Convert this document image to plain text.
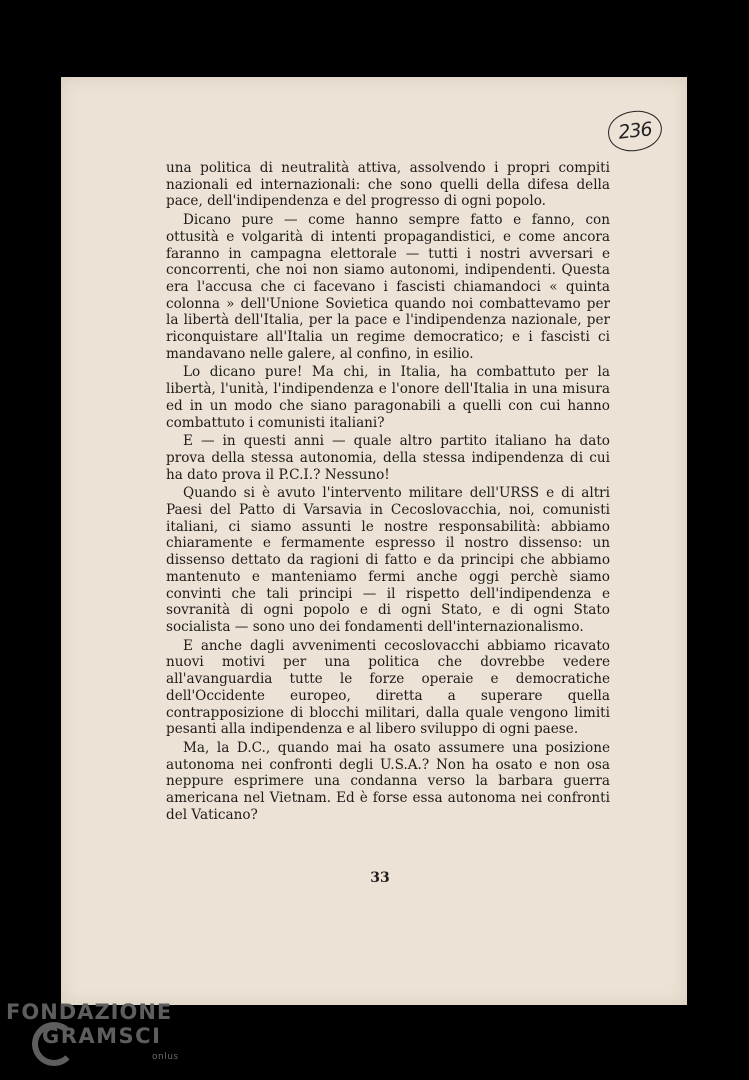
236

una politica di neutralità attiva, assolvendo i propri compiti nazionali ed internazionali: che sono quelli della difesa della pace, dell'indipendenza e del progresso di ogni popolo.

Dicano pure — come hanno sempre fatto e fanno, con ottusità e volgarità di intenti propagandistici, e come ancora faranno in campagna elettorale — tutti i nostri avversari e concorrenti, che noi non siamo autonomi, indipendenti. Questa era l'accusa che ci facevano i fascisti chiamandoci « quinta colonna » dell'Unione Sovietica quando noi combattevamo per la libertà dell'Italia, per la pace e l'indipendenza nazionale, per riconquistare all'Italia un regime democratico; e i fascisti ci mandavano nelle galere, al confino, in esilio.

Lo dicano pure! Ma chi, in Italia, ha combattuto per la libertà, l'unità, l'indipendenza e l'onore dell'Italia in una misura ed in un modo che siano paragonabili a quelli con cui hanno combattuto i comunisti italiani?

E — in questi anni — quale altro partito italiano ha dato prova della stessa autonomia, della stessa indipendenza di cui ha dato prova il P.C.I.? Nessuno!

Quando si è avuto l'intervento militare dell'URSS e di altri Paesi del Patto di Varsavia in Cecoslovacchia, noi, comunisti italiani, ci siamo assunti le nostre responsabilità: abbiamo chiaramente e fermamente espresso il nostro dissenso: un dissenso dettato da ragioni di fatto e da principi che abbiamo mantenuto e manteniamo fermi anche oggi perchè siamo convinti che tali principi — il rispetto dell'indipendenza e sovranità di ogni popolo e di ogni Stato, e di ogni Stato socialista — sono uno dei fondamenti dell'internazionalismo.

E anche dagli avvenimenti cecoslovacchi abbiamo ricavato nuovi motivi per una politica che dovrebbe vedere all'avanguardia tutte le forze operaie e democratiche dell'Occidente europeo, diretta a superare quella contrapposizione di blocchi militari, dalla quale vengono limiti pesanti alla indipendenza e al libero sviluppo di ogni paese.

Ma, la D.C., quando mai ha osato assumere una posizione autonoma nei confronti degli U.S.A.? Non ha osato e non osa neppure esprimere una condanna verso la barbara guerra americana nel Vietnam. Ed è forse essa autonoma nei confronti del Vaticano?

33
FONDAZIONE
GRAMSCI
onlus
